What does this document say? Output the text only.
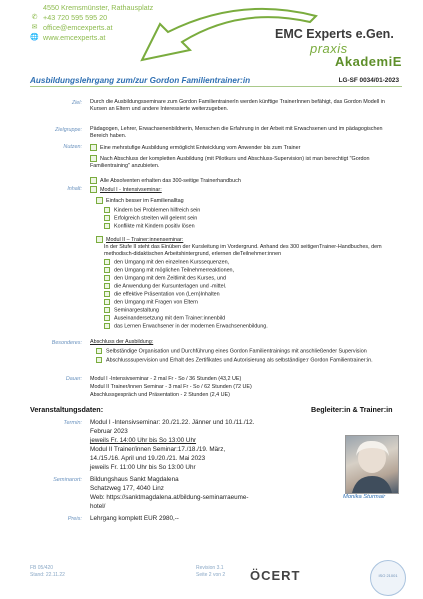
4550 Kremsmünster, Rathausplatz
✆ +43 720 595 595 20
✉ office@emcexperts.at
🌐 www.emcexperts.at	EMC Experts e.Gen.
praxis
AkademiE
Ausbildungslehrgang zum/zur Gordon Familientrainer:in	LG-SF 0034/01-2023
Ziel: Durch die Ausbildungsseminare zum Gordon FamilientrainerIn werden künftige TrainerInnen befähigt, das Gordon Modell in Kursen an Eltern und andere Interessierte weiterzugeben.
Zielgruppe: Pädagogen, Lehrer, Erwachsenenbildnerin, Menschen die Erfahrung in der Arbeit mit Erwachsenen und im pädagogischen Bereich haben.
Nutzen:	Eine mehrstufige Ausbildung ermöglicht Entwicklung vom Anwender bis zum Trainer
Nach Abschluss der kompletten Ausbildung (mit Pilotkurs und Abschluss-Supervision) ist man berechtigt "Gordon Familientraining" anzubieten.
Alle Absolventen erhalten das 300-seitige Trainerhandbuch
Inhalt:	Modul I - Intensivseminar:
Einfach besser im Familienalltag
Kindern bei Problemen hilfreich sein
Erfolgreich streiten will gelernt sein
Konflikte mit Kindern positiv lösen
Modul II – Trainer:innenseminar:
In der Stufe II steht das Einüben der Kursleitung im Vordergrund. Anhand des 300 seitigenTrainer-Handbuches, dem methodisch-didaktischen Arbeitshintergrund, erlernen dieTeilnehmer:innen
den Umgang mit den einzelnen Kurssequenzen,
den Umgang mit möglichen Teilnehmerreaktionen,
den Umgang mit dem Zeitlimit des Kurses, und
die Anwendung der Kursunterlagen und -mittel.
die effektive Präsentation von (Lern)Inhalten
den Umgang mit Fragen von Eltern
Seminargestaltung
Auseinandersetzung mit dem Trainer:innenbild
das Lernen Erwachsener in der modernen Erwachsenenbildung.
Besonderes: Abschluss der Ausbildung:
Selbständige Organisation und Durchführung eines Gordon Familientrainings mit anschließender Supervision
Abschlusssupervision und Erhalt des Zertifikates und Autorisierung als selbständige:r Gordon Familientrainer:in.
Dauer: Modul I -Intensivseminar - 2 mal Fr - So / 36 Stunden (43,2 UE)
Modul II Trainer/innen Seminar - 3 mal Fr - So / 62 Stunden (72 UE)
Abschlussgespräch und Präsentation - 2 Stunden (2,4 UE)
Veranstaltungsdaten:	Begleiter:in & Trainer:in
Termin: Modul I -Intensivseminar: 20./21.22. Jänner und 10./11./12.
Februar 2023
jeweils Fr. 14:00 Uhr bis So 13:00 Uhr
Modul II Trainer/innen Seminar:17./18./19. März,
14./15./16. April und 19./20./21. Mai 2023
jeweils Fr. 11:00 Uhr bis So 13:00 Uhr
Seminarort: Bildungshaus Sankt Magdalena
Schatzweg 177, 4040 Linz
Web: https://sanktmagdalena.at/bildung-seminarraeume-
hotel/
Preis: Lehrgang komplett EUR 2980,--
Monika Sturmair
FB 05/420
Stand: 22.11.22
Revision 3.1
Seite 2 von 2 ÖCERT	ISO 21001
